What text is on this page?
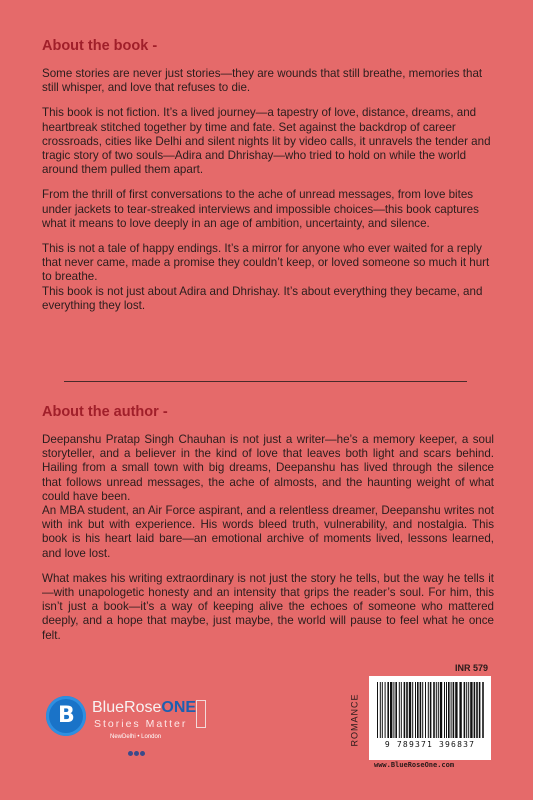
About the book -

Some stories are never just stories—they are wounds that still breathe, memories that still whisper, and love that refuses to die.

This book is not fiction. It’s a lived journey—a tapestry of love, distance, dreams, and heartbreak stitched together by time and fate. Set against the backdrop of career crossroads, cities like Delhi and silent nights lit by video calls, it unravels the tender and tragic story of two souls—Adira and Dhrishay—who tried to hold on while the world around them pulled them apart.

From the thrill of first conversations to the ache of unread messages, from love bites under jackets to tear-streaked interviews and impossible choices—this book captures what it means to love deeply in an age of ambition, uncertainty, and silence.

This is not a tale of happy endings. It’s a mirror for anyone who ever waited for a reply that never came, made a promise they couldn’t keep, or loved someone so much it hurt to breathe.

This book is not just about Adira and Dhrishay. It’s about everything they became, and everything they lost.

About the author -

Deepanshu Pratap Singh Chauhan is not just a writer—he’s a memory keeper, a soul storyteller, and a believer in the kind of love that leaves both light and scars behind. Hailing from a small town with big dreams, Deepanshu has lived through the silence that follows unread messages, the ache of almosts, and the haunting weight of what could have been.

An MBA student, an Air Force aspirant, and a relentless dreamer, Deepanshu writes not with ink but with experience. His words bleed truth, vulnerability, and nostalgia. This book is his heart laid bare—an emotional archive of moments lived, lessons learned, and love lost.

What makes his writing extraordinary is not just the story he tells, but the way he tells it—with unapologetic honesty and an intensity that grips the reader’s soul. For him, this isn’t just a book—it’s a way of keeping alive the echoes of someone who mattered deeply, and a hope that maybe, just maybe, the world will pause to feel what he once felt.

B BlueRoseONE
Stories Matter
NewDelhi • London
INR 579
ROMANCE	9 789371 396837
www.BlueRoseOne.com
